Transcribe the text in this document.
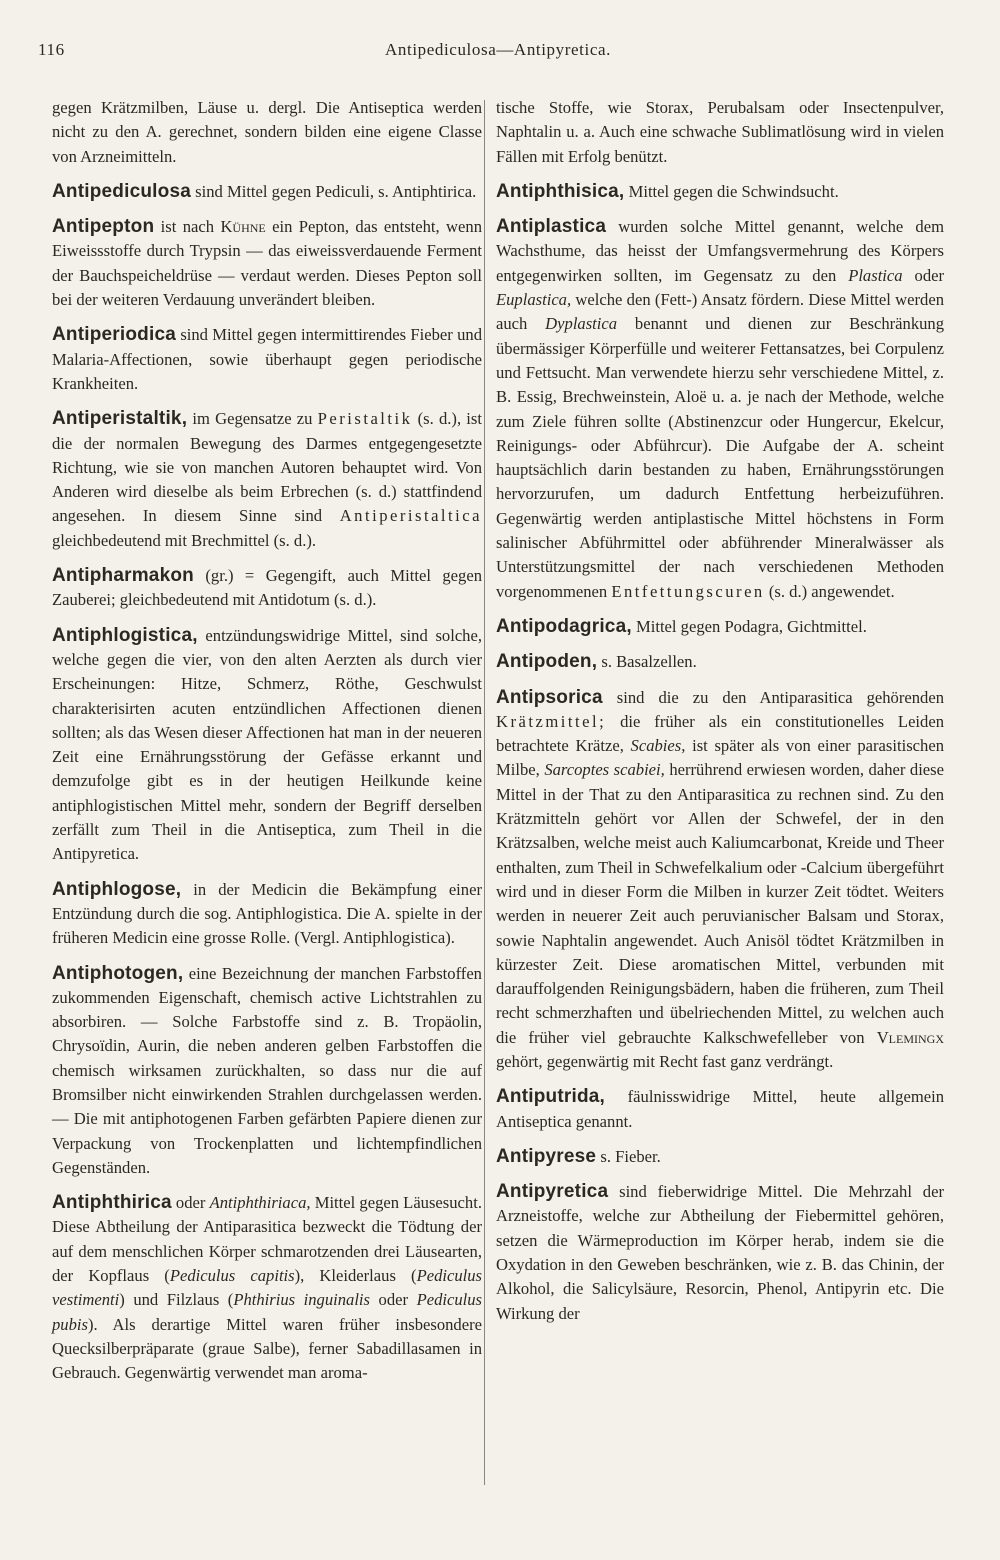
116	Antipediculosa—Antipyretica.

gegen Krätzmilben, Läuse u. dergl. Die Antiseptica werden nicht zu den A. gerechnet, sondern bilden eine eigene Classe von Arzneimitteln.

Antipediculosa sind Mittel gegen Pediculi, s. Antiphtirica.

Antipepton ist nach Kühne ein Pepton, das entsteht, wenn Eiweissstoffe durch Trypsin — das eiweissverdauende Ferment der Bauchspeicheldrüse — verdaut werden. Dieses Pepton soll bei der weiteren Verdauung unverändert bleiben.

Antiperiodica sind Mittel gegen intermittirendes Fieber und Malaria-Affectionen, sowie überhaupt gegen periodische Krankheiten.

Antiperistaltik, im Gegensatze zu Peristaltik (s. d.), ist die der normalen Bewegung des Darmes entgegengesetzte Richtung, wie sie von manchen Autoren behauptet wird. Von Anderen wird dieselbe als beim Erbrechen (s. d.) stattfindend angesehen. In diesem Sinne sind Antiperistaltica gleichbedeutend mit Brechmittel (s. d.).

Antipharmakon (gr.) = Gegengift, auch Mittel gegen Zauberei; gleichbedeutend mit Antidotum (s. d.).

Antiphlogistica, entzündungswidrige Mittel, sind solche, welche gegen die vier, von den alten Aerzten als durch vier Erscheinungen: Hitze, Schmerz, Röthe, Geschwulst charakterisirten acuten entzündlichen Affectionen dienen sollten; als das Wesen dieser Affectionen hat man in der neueren Zeit eine Ernährungsstörung der Gefässe erkannt und demzufolge gibt es in der heutigen Heilkunde keine antiphlogistischen Mittel mehr, sondern der Begriff derselben zerfällt zum Theil in die Antiseptica, zum Theil in die Antipyretica.

Antiphlogose, in der Medicin die Bekämpfung einer Entzündung durch die sog. Antiphlogistica. Die A. spielte in der früheren Medicin eine grosse Rolle. (Vergl. Antiphlogistica).

Antiphotogen, eine Bezeichnung der manchen Farbstoffen zukommenden Eigenschaft, chemisch active Lichtstrahlen zu absorbiren. — Solche Farbstoffe sind z. B. Tropäolin, Chrysoïdin, Aurin, die neben anderen gelben Farbstoffen die chemisch wirksamen zurückhalten, so dass nur die auf Bromsilber nicht einwirkenden Strahlen durchgelassen werden. — Die mit antiphotogenen Farben gefärbten Papiere dienen zur Verpackung von Trockenplatten und lichtempfindlichen Gegenständen.

Antiphthirica oder Antiphthiriaca, Mittel gegen Läusesucht. Diese Abtheilung der Antiparasitica bezweckt die Tödtung der auf dem menschlichen Körper schmarotzenden drei Läusearten, der Kopflaus (Pediculus capitis), Kleiderlaus (Pediculus vestimenti) und Filzlaus (Phthirius inguinalis oder Pediculus pubis). Als derartige Mittel waren früher insbesondere Quecksilberpräparate (graue Salbe), ferner Sabadillasamen in Gebrauch. Gegenwärtig verwendet man aroma-

tische Stoffe, wie Storax, Perubalsam oder Insectenpulver, Naphtalin u. a. Auch eine schwache Sublimatlösung wird in vielen Fällen mit Erfolg benützt.

Antiphthisica, Mittel gegen die Schwindsucht.

Antiplastica wurden solche Mittel genannt, welche dem Wachsthume, das heisst der Umfangsvermehrung des Körpers entgegenwirken sollten, im Gegensatz zu den Plastica oder Euplastica, welche den (Fett-) Ansatz fördern. Diese Mittel werden auch Dyplastica benannt und dienen zur Beschränkung übermässiger Körperfülle und weiterer Fettansatzes, bei Corpulenz und Fettsucht. Man verwendete hierzu sehr verschiedene Mittel, z. B. Essig, Brechweinstein, Aloë u. a. je nach der Methode, welche zum Ziele führen sollte (Abstinenzcur oder Hungercur, Ekelcur, Reinigungs- oder Abführcur). Die Aufgabe der A. scheint hauptsächlich darin bestanden zu haben, Ernährungsstörungen hervorzurufen, um dadurch Entfettung herbeizuführen. Gegenwärtig werden antiplastische Mittel höchstens in Form salinischer Abführmittel oder abführender Mineralwässer als Unterstützungsmittel der nach verschiedenen Methoden vorgenommenen Entfettungscuren (s. d.) angewendet.

Antipodagrica, Mittel gegen Podagra, Gichtmittel.

Antipoden, s. Basalzellen.

Antipsorica sind die zu den Antiparasitica gehörenden Krätzmittel; die früher als ein constitutionelles Leiden betrachtete Krätze, Scabies, ist später als von einer parasitischen Milbe, Sarcoptes scabiei, herrührend erwiesen worden, daher diese Mittel in der That zu den Antiparasitica zu rechnen sind. Zu den Krätzmitteln gehört vor Allen der Schwefel, der in den Krätzsalben, welche meist auch Kaliumcarbonat, Kreide und Theer enthalten, zum Theil in Schwefelkalium oder -Calcium übergeführt wird und in dieser Form die Milben in kurzer Zeit tödtet. Weiters werden in neuerer Zeit auch peruvianischer Balsam und Storax, sowie Naphtalin angewendet. Auch Anisöl tödtet Krätzmilben in kürzester Zeit. Diese aromatischen Mittel, verbunden mit darauffolgenden Reinigungsbädern, haben die früheren, zum Theil recht schmerzhaften und übelriechenden Mittel, zu welchen auch die früher viel gebrauchte Kalkschwefelleber von Vlemingx gehört, gegenwärtig mit Recht fast ganz verdrängt.

Antiputrida, fäulnisswidrige Mittel, heute allgemein Antiseptica genannt.

Antipyrese s. Fieber.

Antipyretica sind fieberwidrige Mittel. Die Mehrzahl der Arzneistoffe, welche zur Abtheilung der Fiebermittel gehören, setzen die Wärmeproduction im Körper herab, indem sie die Oxydation in den Geweben beschränken, wie z. B. das Chinin, der Alkohol, die Salicylsäure, Resorcin, Phenol, Antipyrin etc. Die Wirkung der
